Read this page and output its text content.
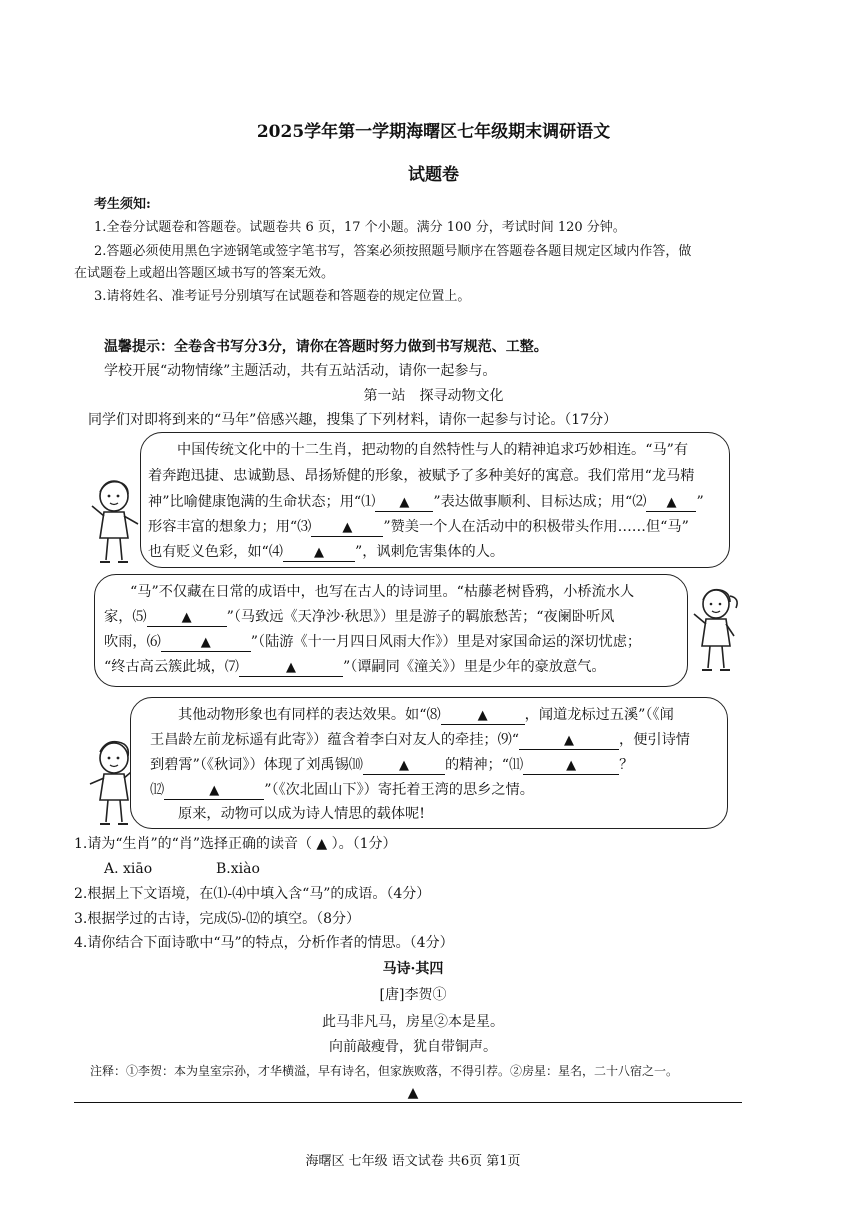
2025学年第一学期海曙区七年级期末调研语文
试题卷
考生须知:
1.全卷分试题卷和答题卷。试题卷共 6 页，17 个小题。满分 100 分，考试时间 120 分钟。
2.答题必须使用黑色字迹钢笔或签字笔书写，答案必须按照题号顺序在答题卷各题目规定区域内作答，做
在试题卷上或超出答题区域书写的答案无效。
3.请将姓名、准考证号分别填写在试题卷和答题卷的规定位置上。
温馨提示：全卷含书写分3分，请你在答题时努力做到书写规范、工整。
学校开展“动物情缘”主题活动，共有五站活动，请你一起参与。
第一站　探寻动物文化
同学们对即将到来的“马年”倍感兴趣，搜集了下列材料，请你一起参与讨论。（17分）
中国传统文化中的十二生肖，把动物的自然特性与人的精神追求巧妙相连。“马”有
着奔跑迅捷、忠诚勤恳、昂扬矫健的形象，被赋予了多种美好的寓意。我们常用“龙马精
神”比喻健康饱满的生命状态；用“⑴ ▲ ”表达做事顺利、目标达成；用“⑵ ▲ ”
形容丰富的想象力；用“⑶ ▲ ”赞美一个人在活动中的积极带头作用……但“马”
也有贬义色彩，如“⑷ ▲ ”，讽刺危害集体的人。
“马”不仅藏在日常的成语中，也写在古人的诗词里。“枯藤老树昏鸦，小桥流水人
家，⑸	▲ ”（马致远《天净沙·秋思》）里是游子的羁旅愁苦；“夜阑卧听风
吹雨，⑹	▲	”（陆游《十一月四日风雨大作》）里是对家国命运的深切忧虑；
“终古高云簇此城，⑺	▲	”（谭嗣同《潼关》）里是少年的豪放意气。
其他动物形象也有同样的表达效果。如“⑻	▲	，闻道龙标过五溪”（《闻
王昌龄左前龙标遥有此寄》）蕴含着李白对友人的牵挂；⑼“	▲	，便引诗情
到碧霄”（《秋词》）体现了刘禹锡⑽	▲	的精神；“⑾	▲	？
⑿	▲	”（《次北固山下》）寄托着王湾的思乡之情。
原来，动物可以成为诗人情思的载体呢!
1.请为“生肖”的“肖”选择正确的读音（ ▲ ）。（1分）
A. xiāo	B.xiào
2.根据上下文语境，在⑴-⑷中填入含“马”的成语。（4分）
3.根据学过的古诗，完成⑸-⑿的填空。（8分）
4.请你结合下面诗歌中“马”的特点，分析作者的情思。（4分）
马诗·其四
[唐]李贺①
此马非凡马，房星②本是星。
向前敲瘦骨，犹自带铜声。
注释：①李贺：本为皇室宗孙，才华横溢，早有诗名，但家族败落，不得引荐。②房星：星名，二十八宿之一。
▲
海曙区 七年级 语文试卷 共6页 第1页
